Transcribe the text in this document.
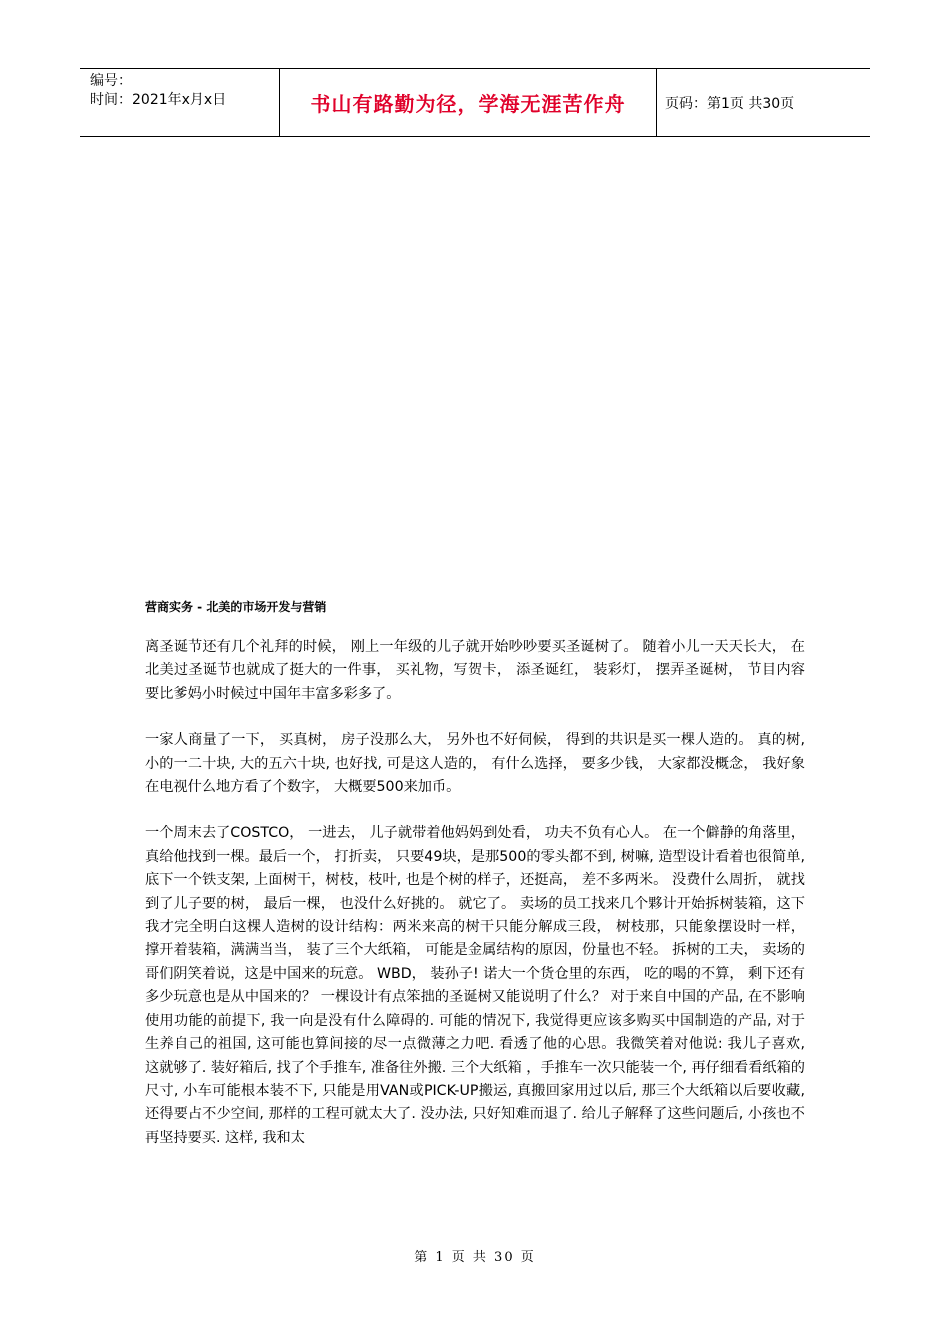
编号：
时间：2021年x月x日	书山有路勤为径，学海无涯苦作舟	页码：第1页 共30页
营商实务 - 北美的市场开发与营销

离圣诞节还有几个礼拜的时候， 刚上一年级的儿子就开始吵吵要买圣诞树了。 随着小儿一天天长大， 在北美过圣诞节也就成了挺大的一件事， 买礼物，写贺卡， 添圣诞红， 装彩灯， 摆弄圣诞树， 节目内容要比爹妈小时候过中国年丰富多彩多了。

一家人商量了一下， 买真树， 房子没那么大， 另外也不好伺候， 得到的共识是买一棵人造的。 真的树, 小的一二十块, 大的五六十块, 也好找, 可是这人造的， 有什么选择， 要多少钱， 大家都没概念， 我好象在电视什么地方看了个数字， 大概要500来加币。

一个周末去了COSTCO， 一进去， 儿子就带着他妈妈到处看， 功夫不负有心人。 在一个僻静的角落里， 真给他找到一棵。最后一个， 打折卖， 只要49块，是那500的零头都不到, 树嘛, 造型设计看着也很简单, 底下一个铁支架, 上面树干，树枝，枝叶, 也是个树的样子，还挺高， 差不多两米。 没费什么周折， 就找到了儿子要的树， 最后一棵， 也没什么好挑的。 就它了。 卖场的员工找来几个夥计开始拆树装箱，这下我才完全明白这棵人造树的设计结构：两米来高的树干只能分解成三段， 树枝那，只能象摆设时一样， 撑开着装箱，满满当当， 装了三个大纸箱， 可能是金属结构的原因，份量也不轻。 拆树的工夫， 卖场的哥们阴笑着说，这是中国来的玩意。 WBD， 装孙子! 诺大一个货仓里的东西， 吃的喝的不算， 剩下还有多少玩意也是从中国来的？ 一棵设计有点笨拙的圣诞树又能说明了什么？ 对于来自中国的产品, 在不影响使用功能的前提下, 我一向是没有什么障碍的. 可能的情况下, 我觉得更应该多购买中国制造的产品, 对于生养自己的祖国, 这可能也算间接的尽一点微薄之力吧. 看透了他的心思。我微笑着对他说: 我儿子喜欢, 这就够了. 装好箱后, 找了个手推车, 准备往外搬. 三个大纸箱 ，手推车一次只能装一个, 再仔细看看纸箱的尺寸, 小车可能根本装不下, 只能是用VAN或PICK-UP搬运, 真搬回家用过以后, 那三个大纸箱以后要收藏, 还得要占不少空间, 那样的工程可就太大了. 没办法, 只好知难而退了. 给儿子解释了这些问题后, 小孩也不再坚持要买. 这样, 我和太

第 1 页 共 30 页
